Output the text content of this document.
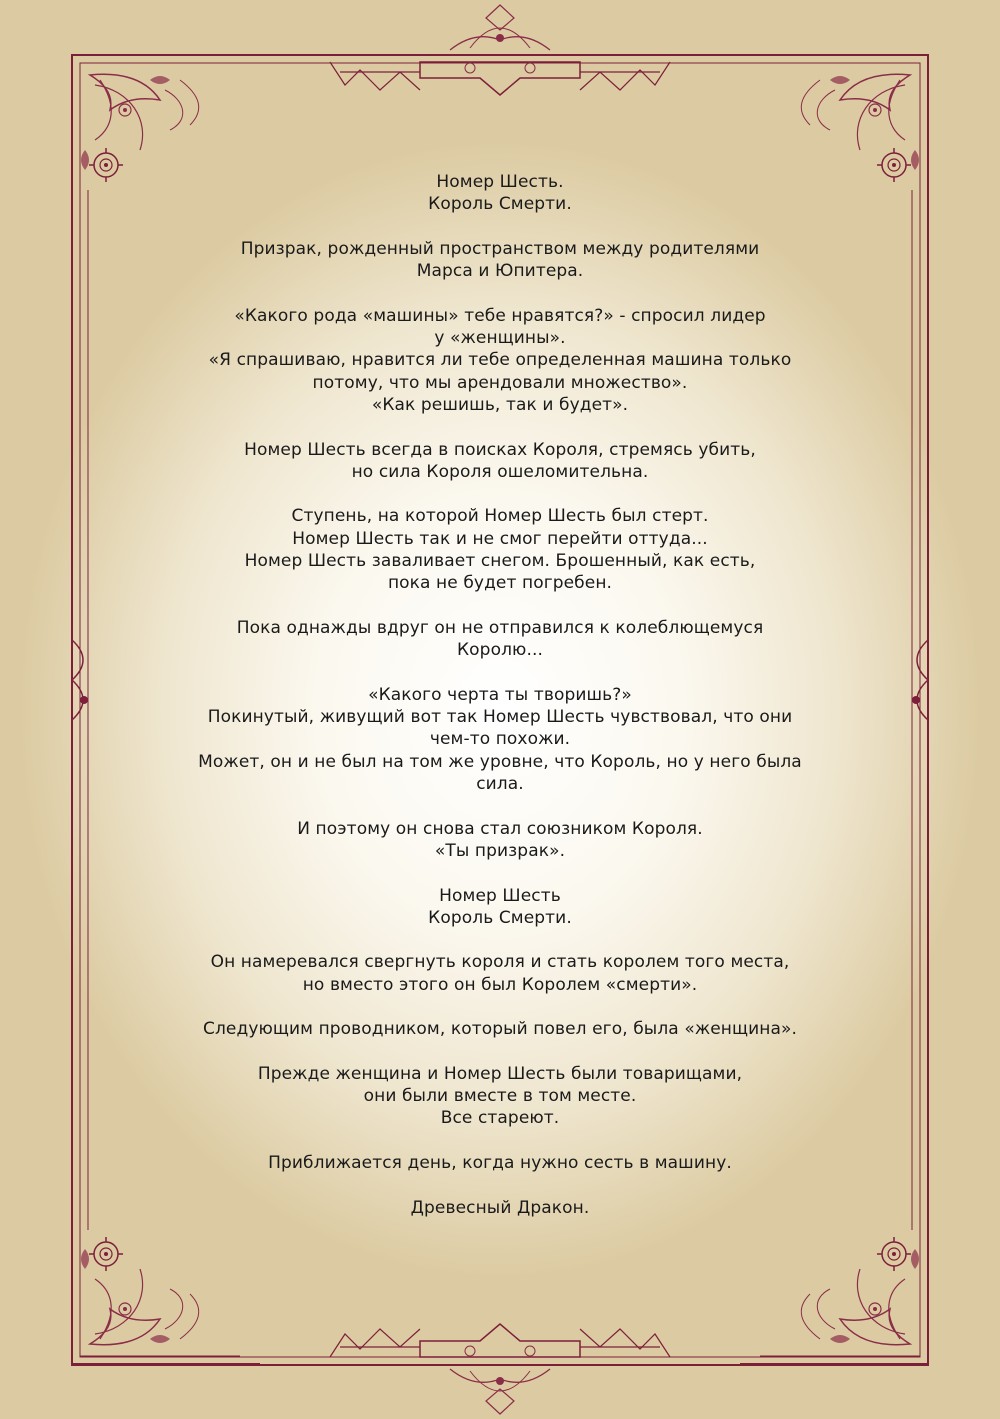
Номер Шесть.
Король Смерти.

Призрак, рожденный пространством между родителями
Марса и Юпитера.

«Какого рода «машины» тебе нравятся?» - спросил лидер
у «женщины».
«Я спрашиваю, нравится ли тебе определенная машина только
потому, что мы арендовали множество».
«Как решишь, так и будет».

Номер Шесть всегда в поисках Короля, стремясь убить,
но сила Короля ошеломительна.

Ступень, на которой Номер Шесть был стерт.
Номер Шесть так и не смог перейти оттуда...
Номер Шесть заваливает снегом. Брошенный, как есть,
пока не будет погребен.

Пока однажды вдруг он не отправился к колеблющемуся
Королю...

«Какого черта ты творишь?»
Покинутый, живущий вот так Номер Шесть чувствовал, что они
чем-то похожи.
Может, он и не был на том же уровне, что Король, но у него была
сила.

И поэтому он снова стал союзником Короля.
«Ты призрак».

Номер Шесть
Король Смерти.

Он намеревался свергнуть короля и стать королем того места,
но вместо этого он был Королем «смерти».

Следующим проводником, который повел его, была «женщина».

Прежде женщина и Номер Шесть были товарищами,
они были вместе в том месте.
Все стареют.

Приближается день, когда нужно сесть в машину.

Древесный Дракон.
